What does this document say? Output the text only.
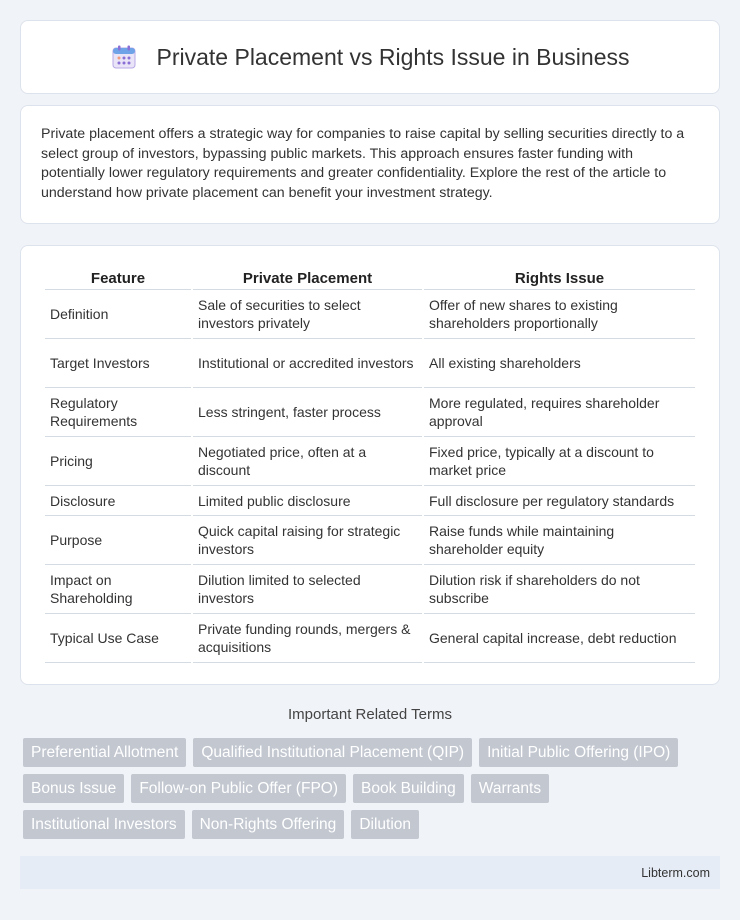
Private Placement vs Rights Issue in Business

Private placement offers a strategic way for companies to raise capital by selling securities directly to a select group of investors, bypassing public markets. This approach ensures faster funding with potentially lower regulatory requirements and greater confidentiality. Explore the rest of the article to understand how private placement can benefit your investment strategy.

Feature	Private Placement	Rights Issue
Definition	Sale of securities to select investors privately	Offer of new shares to existing shareholders proportionally
Target Investors	Institutional or accredited investors	All existing shareholders
Regulatory Requirements	Less stringent, faster process	More regulated, requires shareholder approval
Pricing	Negotiated price, often at a discount	Fixed price, typically at a discount to market price
Disclosure	Limited public disclosure	Full disclosure per regulatory standards
Purpose	Quick capital raising for strategic investors	Raise funds while maintaining shareholder equity
Impact on Shareholding	Dilution limited to selected investors	Dilution risk if shareholders do not subscribe
Typical Use Case	Private funding rounds, mergers & acquisitions	General capital increase, debt reduction
Important Related Terms
Preferential Allotment	Qualified Institutional Placement (QIP)	Initial Public Offering (IPO)
Bonus Issue	Follow-on Public Offer (FPO)	Book Building	Warrants
Institutional Investors	Non-Rights Offering	Dilution
Libterm.com
